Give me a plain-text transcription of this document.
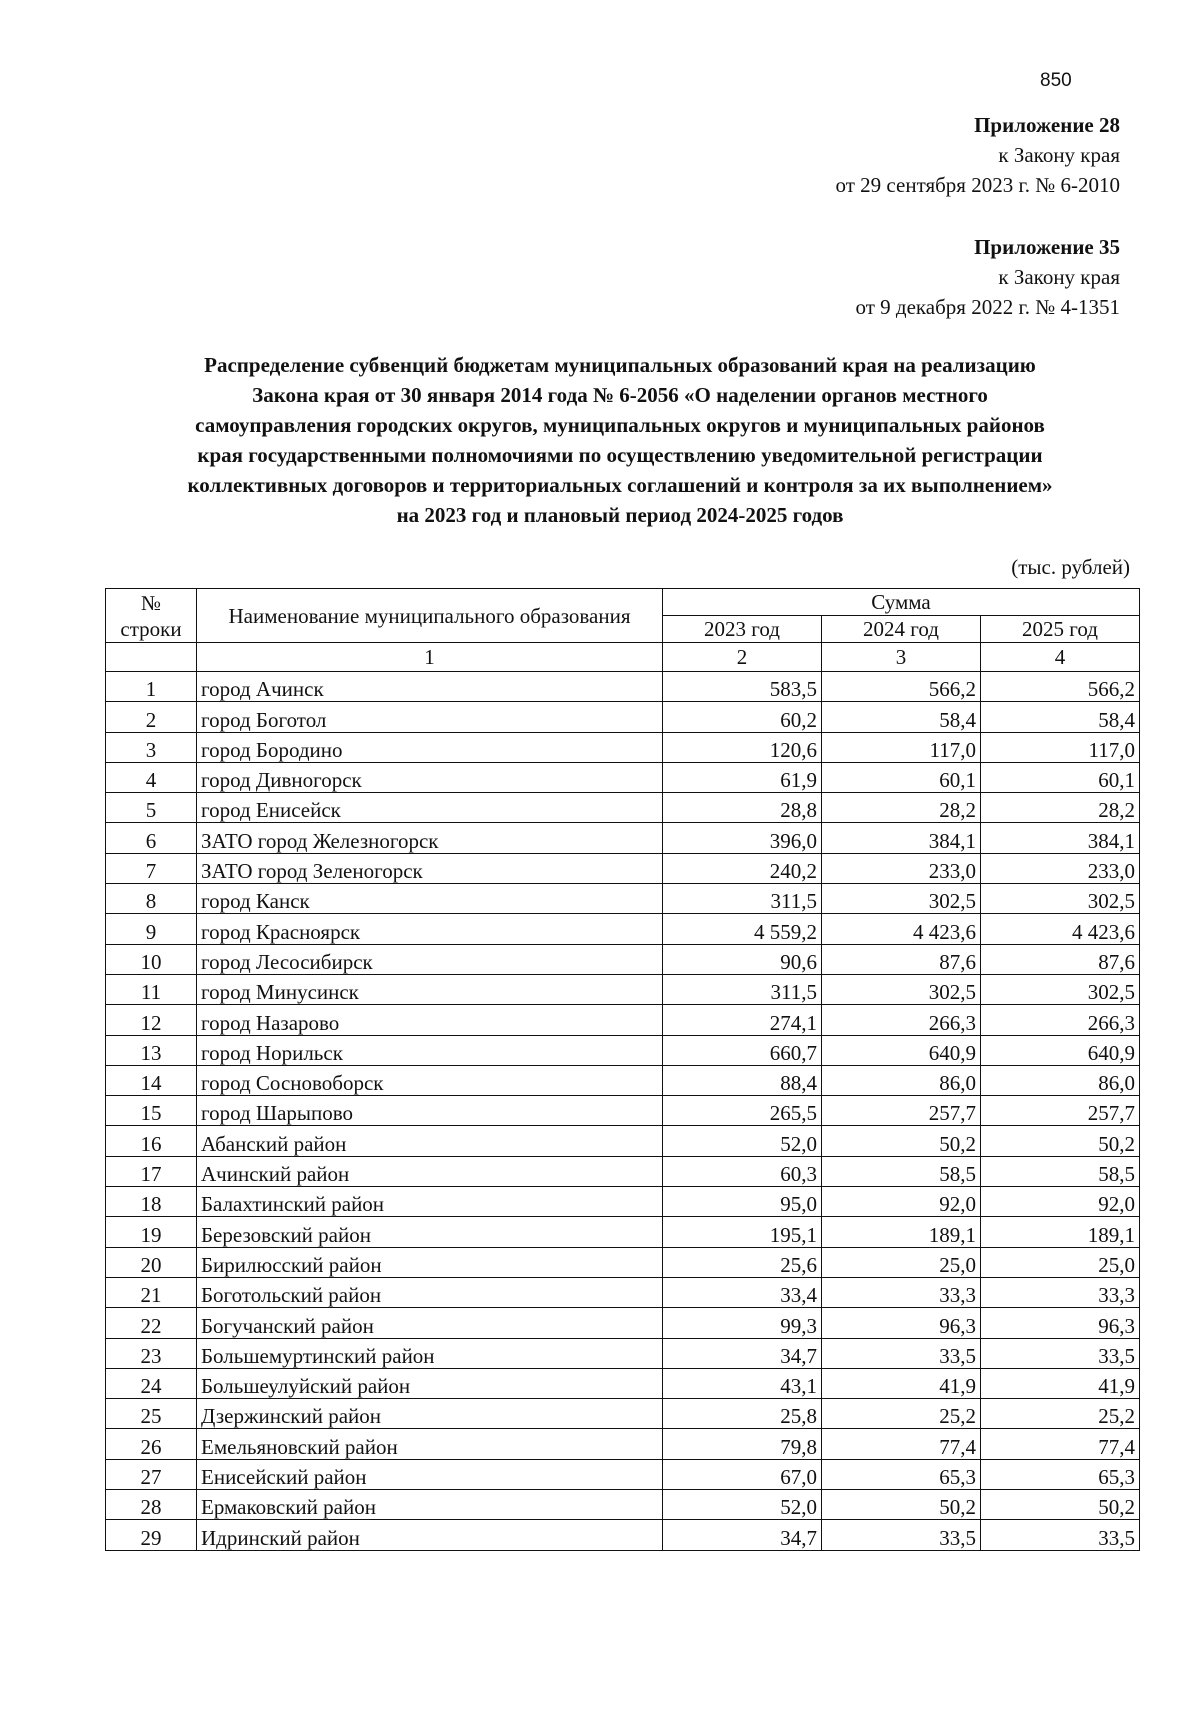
850
Приложение 28
к Закону края
от 29 сентября 2023 г. № 6-2010
Приложение 35
к Закону края
от 9 декабря 2022 г. № 4-1351
Распределение субвенций бюджетам муниципальных образований края на реализацию
Закона края от 30 января 2014 года № 6-2056 «О наделении органов местного
самоуправления городских округов, муниципальных округов и муниципальных районов
края государственными полномочиями по осуществлению уведомительной регистрации
коллективных договоров и территориальных соглашений и контроля за их выполнением»
на 2023 год и плановый период 2024-2025 годов
(тыс. рублей)
№ строки	Наименование муниципального образования	Сумма		
		2023 год	2024 год	2025 год
	1	2	3	4
1	город Ачинск	583,5	566,2	566,2
2	город Боготол	60,2	58,4	58,4
3	город Бородино	120,6	117,0	117,0
4	город Дивногорск	61,9	60,1	60,1
5	город Енисейск	28,8	28,2	28,2
6	ЗАТО город Железногорск	396,0	384,1	384,1
7	ЗАТО город Зеленогорск	240,2	233,0	233,0
8	город Канск	311,5	302,5	302,5
9	город Красноярск	4 559,2	4 423,6	4 423,6
10	город Лесосибирск	90,6	87,6	87,6
11	город Минусинск	311,5	302,5	302,5
12	город Назарово	274,1	266,3	266,3
13	город Норильск	660,7	640,9	640,9
14	город Сосновоборск	88,4	86,0	86,0
15	город Шарыпово	265,5	257,7	257,7
16	Абанский район	52,0	50,2	50,2
17	Ачинский район	60,3	58,5	58,5
18	Балахтинский район	95,0	92,0	92,0
19	Березовский район	195,1	189,1	189,1
20	Бирилюсский район	25,6	25,0	25,0
21	Боготольский район	33,4	33,3	33,3
22	Богучанский район	99,3	96,3	96,3
23	Большемуртинский район	34,7	33,5	33,5
24	Большеулуйский район	43,1	41,9	41,9
25	Дзержинский район	25,8	25,2	25,2
26	Емельяновский район	79,8	77,4	77,4
27	Енисейский район	67,0	65,3	65,3
28	Ермаковский район	52,0	50,2	50,2
29	Идринский район	34,7	33,5	33,5
